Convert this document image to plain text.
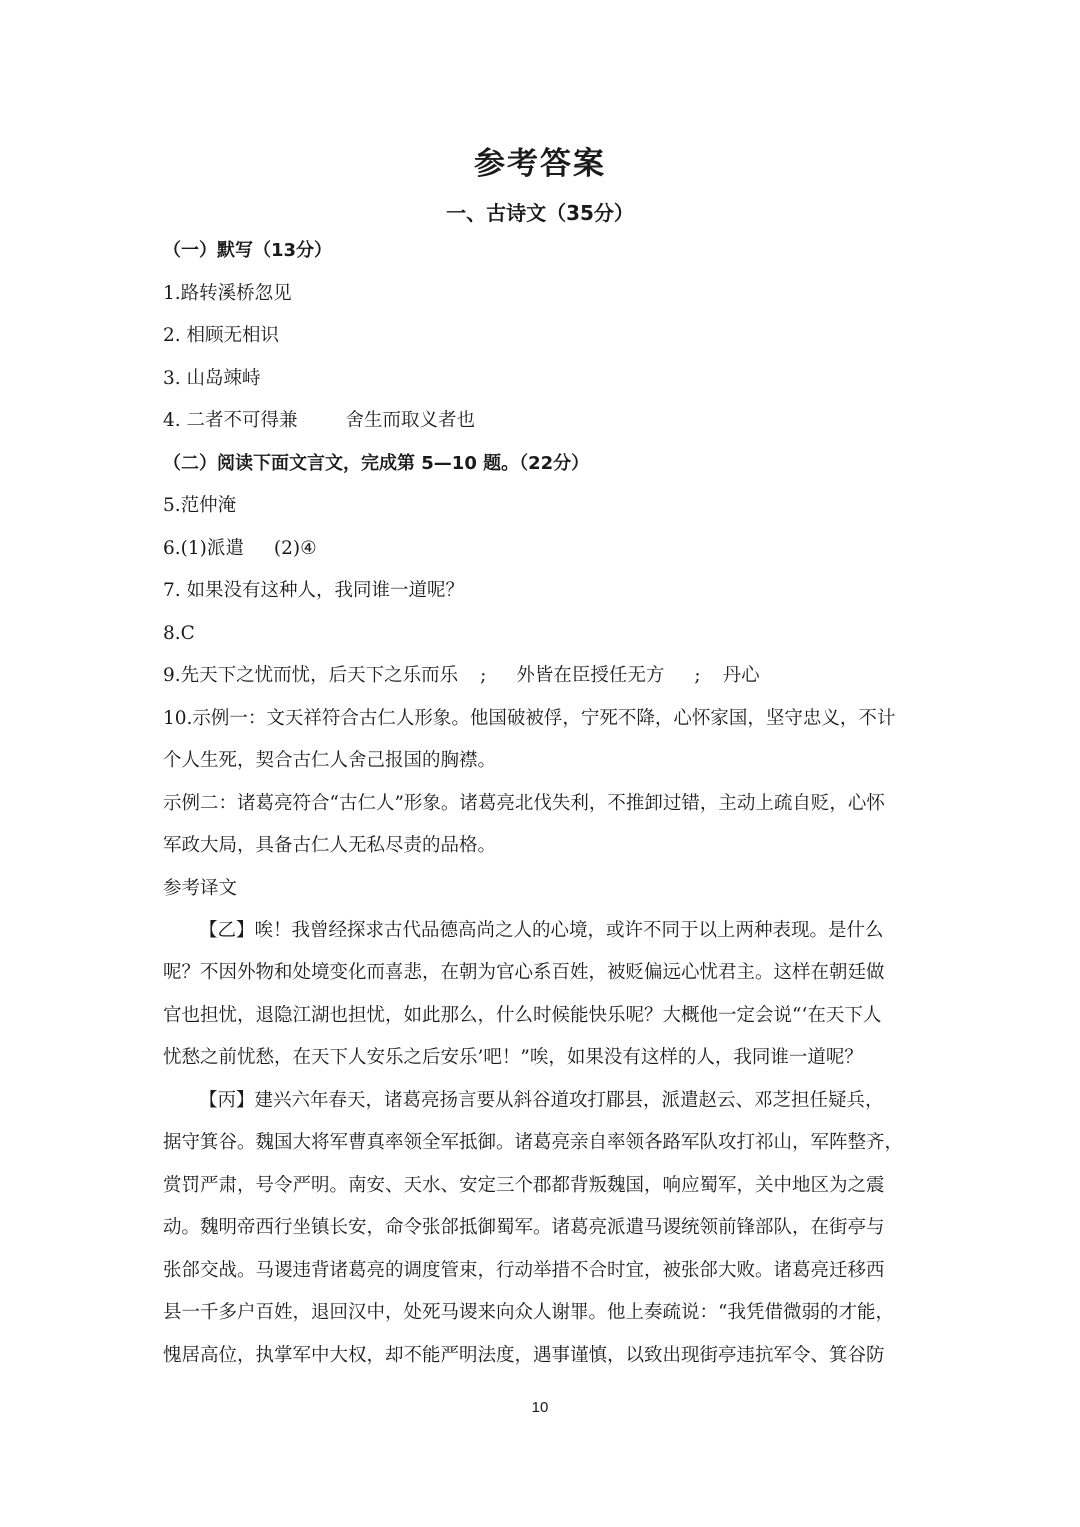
参考答案
一、古诗文（35分）
（一）默写（13分）
1.路转溪桥忽见
2. 相顾无相识
3. 山岛竦峙
4. 二者不可得兼	舍生而取义者也
（二）阅读下面文言文，完成第 5—10 题。（22分）
5.范仲淹
6.(1)派遣 (2)④
7. 如果没有这种人，我同谁一道呢？
8.C
9.先天下之忧而忧，后天下之乐而乐 ; 外皆在臣授任无方 ; 丹心
10.示例一：文天祥符合古仁人形象。他国破被俘，宁死不降，心怀家国，坚守忠义，不计
个人生死，契合古仁人舍己报国的胸襟。
示例二：诸葛亮符合“古仁人”形象。诸葛亮北伐失利，不推卸过错，主动上疏自贬，心怀
军政大局，具备古仁人无私尽责的品格。
参考译文
【乙】唉！我曾经探求古代品德高尚之人的心境，或许不同于以上两种表现。是什么
呢？不因外物和处境变化而喜悲，在朝为官心系百姓，被贬偏远心忧君主。这样在朝廷做
官也担忧，退隐江湖也担忧，如此那么，什么时候能快乐呢？大概他一定会说“‘在天下人
忧愁之前忧愁，在天下人安乐之后安乐’吧！”唉，如果没有这样的人，我同谁一道呢？
【丙】建兴六年春天，诸葛亮扬言要从斜谷道攻打郿县，派遣赵云、邓芝担任疑兵，
据守箕谷。魏国大将军曹真率领全军抵御。诸葛亮亲自率领各路军队攻打祁山，军阵整齐，
赏罚严肃，号令严明。南安、天水、安定三个郡都背叛魏国，响应蜀军，关中地区为之震
动。魏明帝西行坐镇长安，命令张郃抵御蜀军。诸葛亮派遣马谡统领前锋部队，在街亭与
张郃交战。马谡违背诸葛亮的调度管束，行动举措不合时宜，被张郃大败。诸葛亮迁移西
县一千多户百姓，退回汉中，处死马谡来向众人谢罪。他上奏疏说：“我凭借微弱的才能，
愧居高位，执掌军中大权，却不能严明法度，遇事谨慎，以致出现街亭违抗军令、箕谷防
10
